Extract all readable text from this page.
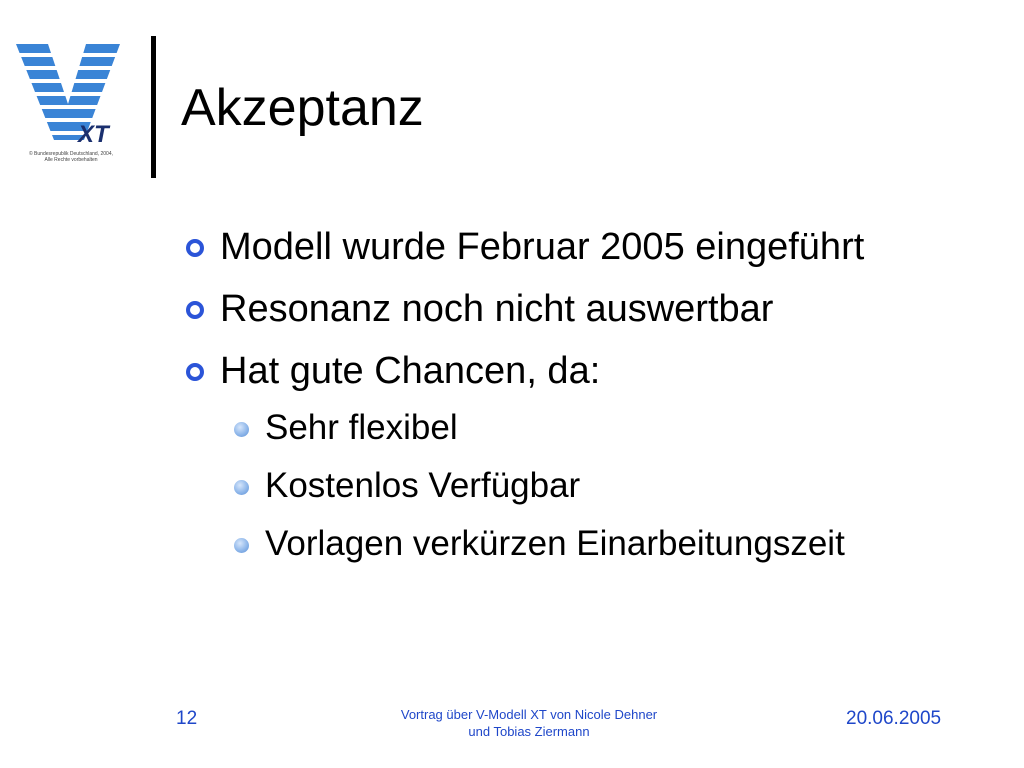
XT
© Bundesrepublik Deutschland, 2004,
Alle Rechte vorbehalten
Akzeptanz
Modell wurde Februar 2005 eingeführt
Resonanz noch nicht auswertbar
Hat gute Chancen, da:
Sehr flexibel
Kostenlos Verfügbar
Vorlagen verkürzen Einarbeitungszeit
12	Vortrag über V-Modell XT von Nicole Dehner
und Tobias Ziermann
20.06.2005
